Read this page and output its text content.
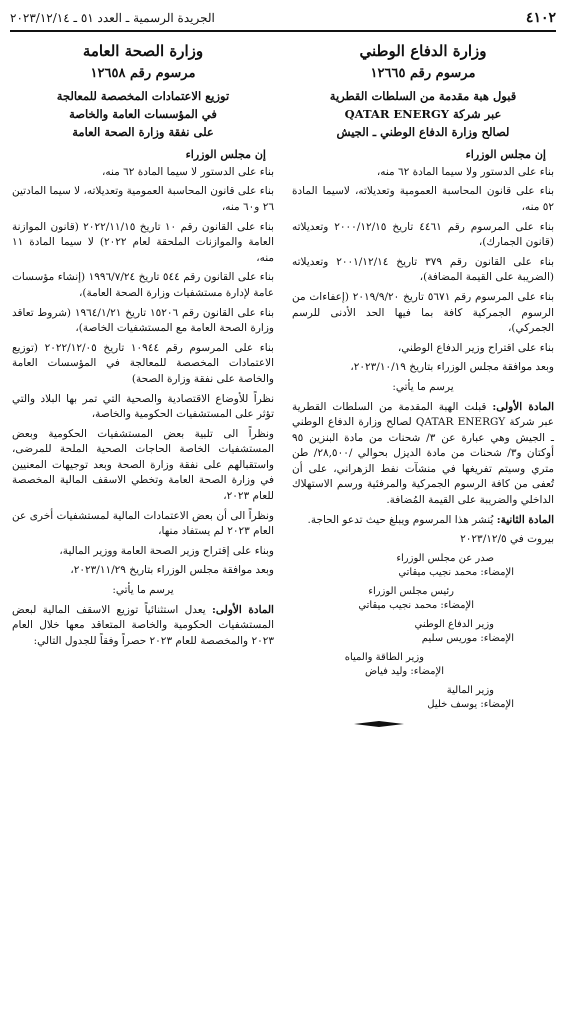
٤١٠٢
الجريدة الرسمية ـ العدد ٥١ ـ ٢٠٢٣/١٢/١٤
وزارة الدفاع الوطني
مرسوم رقم ١٢٦٦٥
قبول هبة مقدمة من السلطات القطرية
عبر شركة QATAR ENERGY
لصالح وزارة الدفاع الوطني ـ الجيش
إن مجلس الوزراء

بناء على الدستور ولا سيما المادة ٦٢ منه،

بناء على قانون المحاسبة العمومية وتعديلاته، لاسيما المادة ٥٢ منه،

بناء على المرسوم رقم ٤٤٦١ تاريخ ٢٠٠٠/١٢/١٥ وتعديلاته (قانون الجمارك)،

بناء على القانون رقم ٣٧٩ تاريخ ٢٠٠١/١٢/١٤ وتعديلاته (الضريبة على القيمة المضافة)،

بناء على المرسوم رقم ٥٦٧١ تاريخ ٢٠١٩/٩/٢٠ (إعفاءات من الرسوم الجمركية كافة بما فيها الحد الأدنى للرسم الجمركي)،

بناء على اقتراح وزير الدفاع الوطني،

وبعد موافقة مجلس الوزراء بتاريخ ٢٠٢٣/١٠/١٩،

يرسم ما يأتي:

المادة الأولى: قبلت الهبة المقدمة من السلطات القطرية عبر شركة QATAR ENERGY لصالح وزارة الدفاع الوطني ـ الجيش وهي عبارة عن ٣/ شحنات من مادة البنزين ٩٥ أوكتان و٣/ شحنات من مادة الديزل بحوالي /٢٨,٥٠٠/ طن متري وسيتم تفريغها في منشآت نفط الزهراني، على أن تُعفى من كافة الرسوم الجمركية والمرفئية ورسم الاستهلاك الداخلي والضريبة على القيمة المُضافة.

المادة الثانية: يُنشر هذا المرسوم ويبلغ حيث تدعو الحاجة.

بيروت في ٢٠٢٣/١٢/٥

صدر عن مجلس الوزراء
الإمضاء: محمد نجيب ميقاتي
رئيس مجلس الوزراء
الإمضاء: محمد نجيب ميقاتي
وزير الدفاع الوطني
الإمضاء: موريس سليم
وزير الطاقة والمياه
الإمضاء: وليد فياض
وزير المالية
الإمضاء: يوسف خليل
وزارة الصحة العامة
مرسوم رقم ١٢٦٥٨
توزيع الاعتمادات المخصصة للمعالجة
في المؤسسات العامة والخاصة
على نفقة وزارة الصحة العامة
إن مجلس الوزراء

بناء على الدستور لا سيما المادة ٦٢ منه،

بناء على قانون المحاسبة العمومية وتعديلاته، لا سيما المادتين ٢٦ و٦٠ منه،

بناء على القانون رقم ١٠ تاريخ ٢٠٢٢/١١/١٥ (قانون الموازنة العامة والموازنات الملحقة لعام ٢٠٢٢) لا سيما المادة ١١ منه،

بناء على القانون رقم ٥٤٤ تاريخ ١٩٩٦/٧/٢٤ (إنشاء مؤسسات عامة لإدارة مستشفيات وزارة الصحة العامة)،

بناء على القانون رقم ١٥٢٠٦ تاريخ ١٩٦٤/١/٢١ (شروط تعاقد وزارة الصحة العامة مع المستشفيات الخاصة)،

بناء على المرسوم رقم ١٠٩٤٤ تاريخ ٢٠٢٢/١٢/٠٥ (توزيع الاعتمادات المخصصة للمعالجة في المؤسسات العامة والخاصة على نفقة وزارة الصحة)

نظراً للأوضاع الاقتصادية والصحية التي تمر بها البلاد والتي تؤثر على المستشفيات الحكومية والخاصة،

ونظراً الى تلبية بعض المستشفيات الحكومية وبعض المستشفيات الخاصة الحاجات الصحية الملحة للمرضى، واستقبالهم على نفقة وزارة الصحة وبعد توجيهات المعنيين في وزارة الصحة العامة وتخطي الاسقف المالية المخصصة للعام ٢٠٢٣،

ونظراً الى أن بعض الاعتمادات المالية لمستشفيات أخرى عن العام ٢٠٢٣ لم يستفاد منها،

وبناء على إقتراح وزير الصحة العامة ووزير المالية،

وبعد موافقة مجلس الوزراء بتاريخ ٢٠٢٣/١١/٢٩،

يرسم ما يأتي:

المادة الأولى: يعدل استثنائياً توزيع الاسقف المالية لبعض المستشفيات الحكومية والخاصة المتعاقد معها خلال العام ٢٠٢٣ والمخصصة للعام ٢٠٢٣ حصراً وفقاً للجدول التالي:
